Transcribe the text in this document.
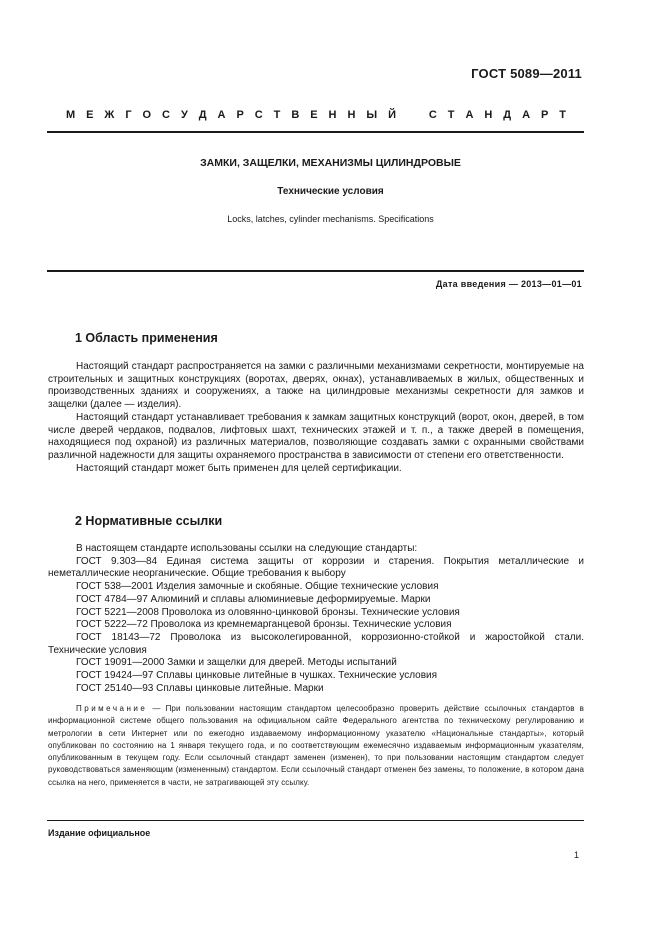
ГОСТ 5089—2011
М Е Ж Г О С У Д А Р С Т В Е Н Н Ы Й	С Т А Н Д А Р Т
ЗАМКИ, ЗАЩЕЛКИ, МЕХАНИЗМЫ ЦИЛИНДРОВЫЕ
Технические условия
Locks, latches, cylinder mechanisms. Specifications
Дата введения — 2013—01—01
1 Область применения

Настоящий стандарт распространяется на замки с различными механизмами секретности, монтируемые на строительных и защитных конструкциях (воротах, дверях, окнах), устанавливаемых в жилых, общественных и производственных зданиях и сооружениях, а также на цилиндровые механизмы секретности для замков и защелки (далее — изделия).

Настоящий стандарт устанавливает требования к замкам защитных конструкций (ворот, окон, дверей, в том числе дверей чердаков, подвалов, лифтовых шахт, технических этажей и т. п., а также дверей в помещения, находящиеся под охраной) из различных материалов, позволяющие создавать замки с охранными свойствами различной надежности для защиты охраняемого пространства в зависимости от степени его ответственности.

Настоящий стандарт может быть применен для целей сертификации.

2 Нормативные ссылки

В настоящем стандарте использованы ссылки на следующие стандарты:

ГОСТ 9.303—84 Единая система защиты от коррозии и старения. Покрытия металлические и неметаллические неорганические. Общие требования к выбору

ГОСТ 538—2001 Изделия замочные и скобяные. Общие технические условия

ГОСТ 4784—97 Алюминий и сплавы алюминиевые деформируемые. Марки

ГОСТ 5221—2008 Проволока из оловянно-цинковой бронзы. Технические условия

ГОСТ 5222—72 Проволока из кремнемарганцевой бронзы. Технические условия

ГОСТ 18143—72 Проволока из высоколегированной, коррозионно-стойкой и жаростойкой стали. Технические условия

ГОСТ 19091—2000 Замки и защелки для дверей. Методы испытаний

ГОСТ 19424—97 Сплавы цинковые литейные в чушках. Технические условия

ГОСТ 25140—93 Сплавы цинковые литейные. Марки

Примечание — При пользовании настоящим стандартом целесообразно проверить действие ссылочных стандартов в информационной системе общего пользования на официальном сайте Федерального агентства по техническому регулированию и метрологии в сети Интернет или по ежегодно издаваемому информационному указателю «Национальные стандарты», который опубликован по состоянию на 1 января текущего года, и по соответствующим ежемесячно издаваемым информационным указателям, опубликованным в текущем году. Если ссылочный стандарт заменен (изменен), то при пользовании настоящим стандартом следует руководствоваться заменяющим (измененным) стандартом. Если ссылочный стандарт отменен без замены, то положение, в котором дана ссылка на него, применяется в части, не затрагивающей эту ссылку.

Издание официальное
1
